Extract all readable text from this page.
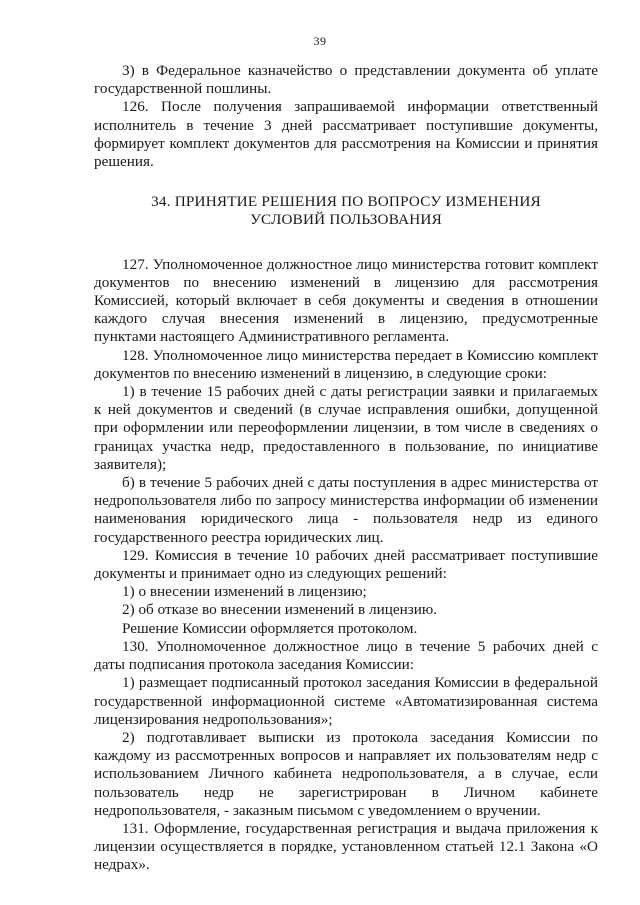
39

3) в Федеральное казначейство о представлении документа об уплате государственной пошлины.

126. После получения запрашиваемой информации ответственный исполнитель в течение 3 дней рассматривает поступившие документы, формирует комплект документов для рассмотрения на Комиссии и принятия решения.

34. ПРИНЯТИЕ РЕШЕНИЯ ПО ВОПРОСУ ИЗМЕНЕНИЯ
УСЛОВИЙ ПОЛЬЗОВАНИЯ

127. Уполномоченное должностное лицо министерства готовит комплект документов по внесению изменений в лицензию для рассмотрения Комиссией, который включает в себя документы и сведения в отношении каждого случая внесения изменений в лицензию, предусмотренные пунктами настоящего Административного регламента.

128. Уполномоченное лицо министерства передает в Комиссию комплект документов по внесению изменений в лицензию, в следующие сроки:

1) в течение 15 рабочих дней с даты регистрации заявки и прилагаемых к ней документов и сведений (в случае исправления ошибки, допущенной при оформлении или переоформлении лицензии, в том числе в сведениях о границах участка недр, предоставленного в пользование, по инициативе заявителя);

б) в течение 5 рабочих дней с даты поступления в адрес министерства от недропользователя либо по запросу министерства информации об изменении наименования юридического лица - пользователя недр из единого государственного реестра юридических лиц.

129. Комиссия в течение 10 рабочих дней рассматривает поступившие документы и принимает одно из следующих решений:

1) о внесении изменений в лицензию;

2) об отказе во внесении изменений в лицензию.

Решение Комиссии оформляется протоколом.

130. Уполномоченное должностное лицо в течение 5 рабочих дней с даты подписания протокола заседания Комиссии:

1) размещает подписанный протокол заседания Комиссии в федеральной государственной информационной системе «Автоматизированная система лицензирования недропользования»;

2) подготавливает выписки из протокола заседания Комиссии по каждому из рассмотренных вопросов и направляет их пользователям недр с использованием Личного кабинета недропользователя, а в случае, если пользователь недр не зарегистрирован в Личном кабинете недропользователя, - заказным письмом с уведомлением о вручении.

131. Оформление, государственная регистрация и выдача приложения к лицензии осуществляется в порядке, установленном статьей 12.1 Закона «О недрах».
